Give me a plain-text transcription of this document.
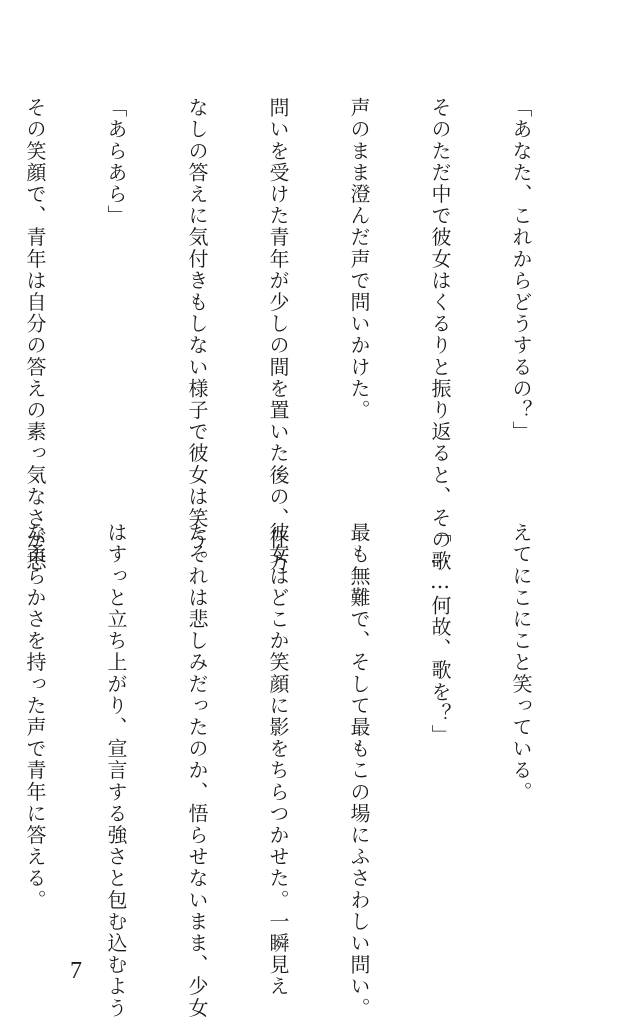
「あなた、これからどうするの？」

そのただ中で彼女はくるりと振り返ると、その歌

声のまま澄んだ声で問いかけた。

問いを受けた青年が少しの間を置いた後の、仕方

なしの答えに気付きもしない様子で彼女は笑う。

「あらあら」

その笑顔で、青年は自分の答えの素っ気なさが思

えてにこにこと笑っている。

「……何故、歌を？」

最も無難で、そして最もこの場にふさわしい問い。

彼女はどこか笑顔に影をちらつかせた。一瞬見え

たそれは悲しみだったのか、悟らせないまま、少女

はすっと立ち上がり、宣言する強さと包む込むよう

な柔らかさを持った声で青年に答える。

7
